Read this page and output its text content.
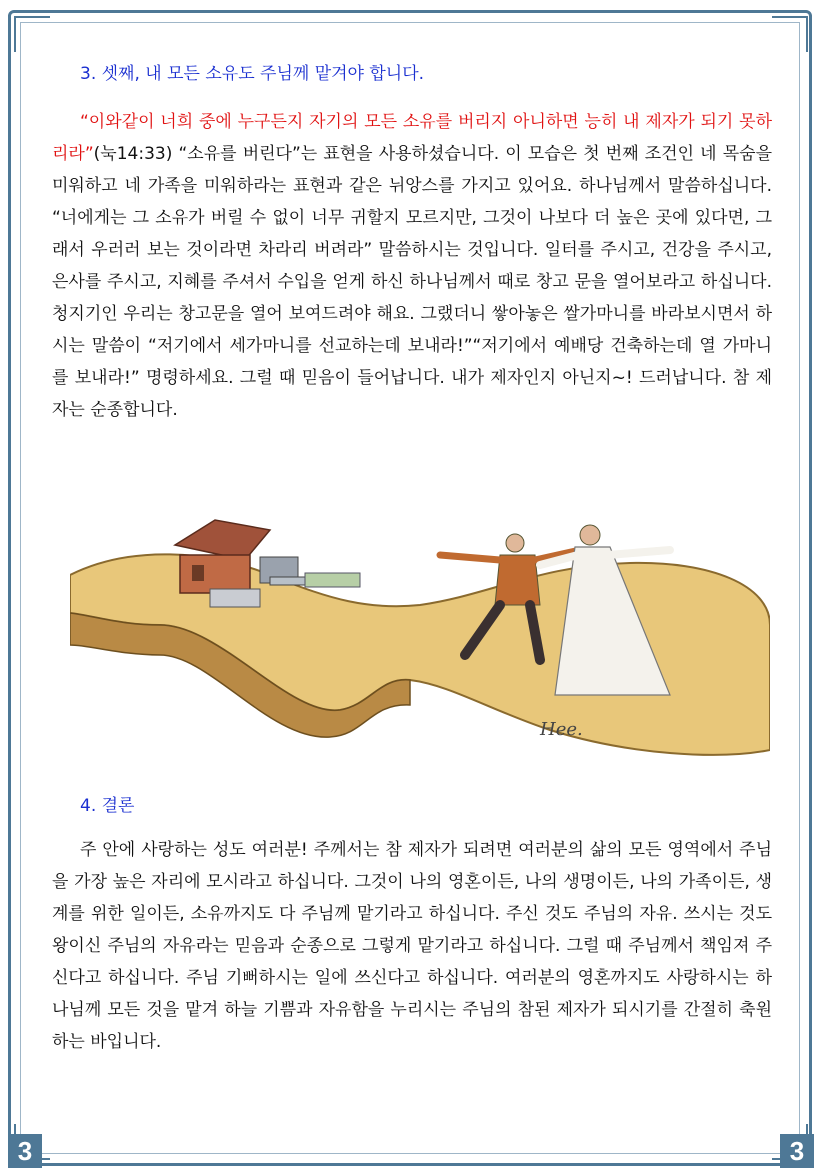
3. 셋째, 내 모든 소유도 주님께 맡겨야 합니다.

“이와같이 너희 중에 누구든지 자기의 모든 소유를 버리지 아니하면 능히 내 제자가 되기 못하리라”(눅14:33) “소유를 버린다”는 표현을 사용하셨습니다. 이 모습은 첫 번째 조건인 네 목숨을 미워하고 네 가족을 미워하라는 표현과 같은 뉘앙스를 가지고 있어요. 하나님께서 말씀하십니다. “너에게는 그 소유가 버릴 수 없이 너무 귀할지 모르지만, 그것이 나보다 더 높은 곳에 있다면, 그래서 우러러 보는 것이라면 차라리 버려라” 말씀하시는 것입니다. 일터를 주시고, 건강을 주시고, 은사를 주시고, 지혜를 주셔서 수입을 얻게 하신 하나님께서 때로 창고 문을 열어보라고 하십니다. 청지기인 우리는 창고문을 열어 보여드려야 해요. 그랬더니 쌓아놓은 쌀가마니를 바라보시면서 하시는 말씀이 “저기에서 세가마니를 선교하는데 보내라!”“저기에서 예배당 건축하는데 열 가마니를 보내라!” 명령하세요. 그럴 때 믿음이 들어납니다. 내가 제자인지 아닌지~! 드러납니다. 참 제자는 순종합니다.

Hee.
4. 결론

주 안에 사랑하는 성도 여러분! 주께서는 참 제자가 되려면 여러분의 삶의 모든 영역에서 주님을 가장 높은 자리에 모시라고 하십니다. 그것이 나의 영혼이든, 나의 생명이든, 나의 가족이든, 생계를 위한 일이든, 소유까지도 다 주님께 맡기라고 하십니다. 주신 것도 주님의 자유. 쓰시는 것도 왕이신 주님의 자유라는 믿음과 순종으로 그렇게 맡기라고 하십니다. 그럴 때 주님께서 책임져 주신다고 하십니다. 주님 기뻐하시는 일에 쓰신다고 하십니다. 여러분의 영혼까지도 사랑하시는 하나님께 모든 것을 맡겨 하늘 기쁨과 자유함을 누리시는 주님의 참된 제자가 되시기를 간절히 축원하는 바입니다.

3	3
